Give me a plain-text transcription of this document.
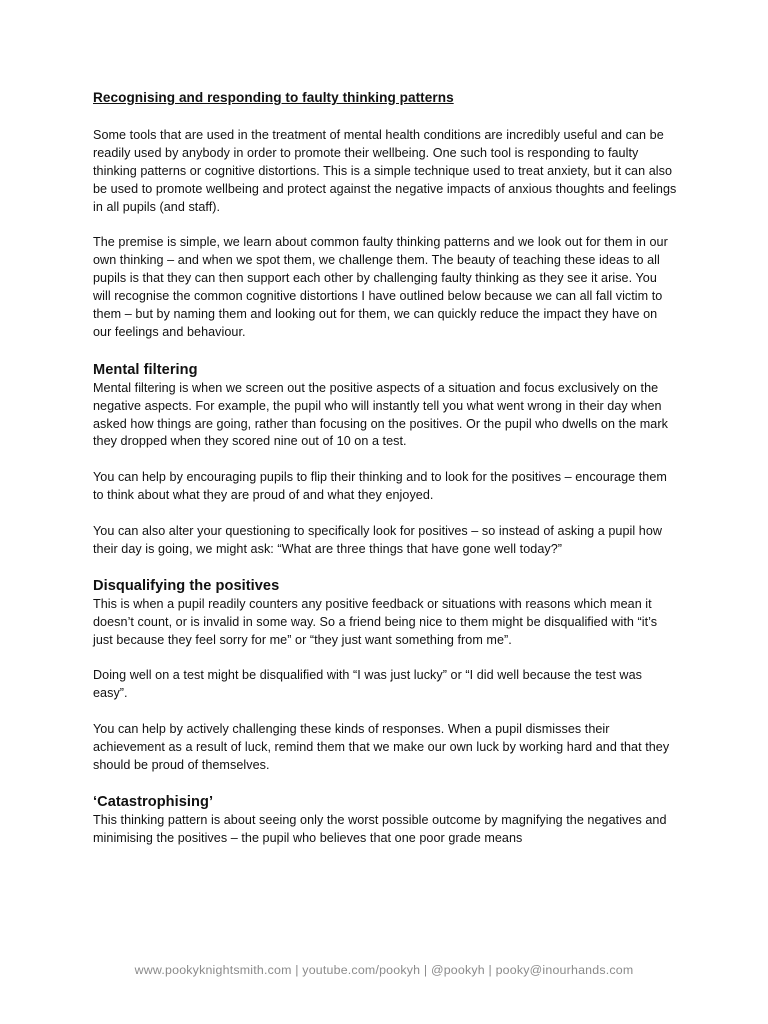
Recognising and responding to faulty thinking patterns

Some tools that are used in the treatment of mental health conditions are incredibly useful and can be readily used by anybody in order to promote their wellbeing. One such tool is responding to faulty thinking patterns or cognitive distortions. This is a simple technique used to treat anxiety, but it can also be used to promote wellbeing and protect against the negative impacts of anxious thoughts and feelings in all pupils (and staff).

The premise is simple, we learn about common faulty thinking patterns and we look out for them in our own thinking – and when we spot them, we challenge them. The beauty of teaching these ideas to all pupils is that they can then support each other by challenging faulty thinking as they see it arise. You will recognise the common cognitive distortions I have outlined below because we can all fall victim to them – but by naming them and looking out for them, we can quickly reduce the impact they have on our feelings and behaviour.

Mental filtering

Mental filtering is when we screen out the positive aspects of a situation and focus exclusively on the negative aspects. For example, the pupil who will instantly tell you what went wrong in their day when asked how things are going, rather than focusing on the positives. Or the pupil who dwells on the mark they dropped when they scored nine out of 10 on a test.

You can help by encouraging pupils to flip their thinking and to look for the positives – encourage them to think about what they are proud of and what they enjoyed.

You can also alter your questioning to specifically look for positives – so instead of asking a pupil how their day is going, we might ask: “What are three things that have gone well today?”

Disqualifying the positives

This is when a pupil readily counters any positive feedback or situations with reasons which mean it doesn’t count, or is invalid in some way. So a friend being nice to them might be disqualified with “it’s just because they feel sorry for me” or “they just want something from me”.

Doing well on a test might be disqualified with “I was just lucky” or “I did well because the test was easy”.

You can help by actively challenging these kinds of responses. When a pupil dismisses their achievement as a result of luck, remind them that we make our own luck by working hard and that they should be proud of themselves.

‘Catastrophising’

This thinking pattern is about seeing only the worst possible outcome by magnifying the negatives and minimising the positives – the pupil who believes that one poor grade means

www.pookyknightsmith.com | youtube.com/pookyh | @pookyh | pooky@inourhands.com
